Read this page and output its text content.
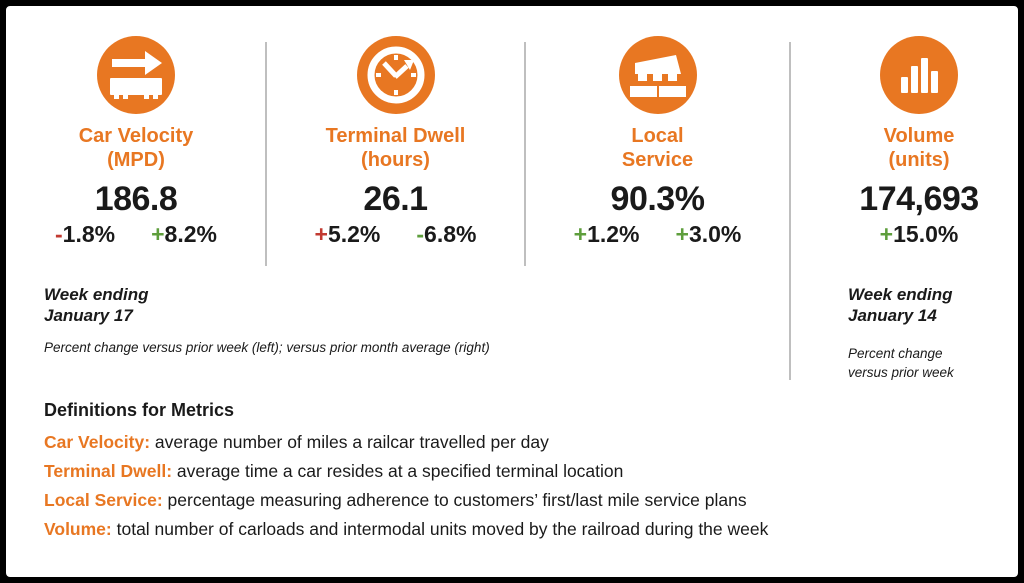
Car Velocity
(MPD)
186.8
-1.8% +8.2%
Terminal Dwell
(hours)
26.1
+5.2% -6.8%
Local
Service
90.3%
+1.2% +3.0%
Volume
(units)
174,693
+15.0%
Week ending
January 17
Percent change versus prior week (left); versus prior month average (right)
Week ending
January 14
Percent change
versus prior week
Definitions for Metrics
Car Velocity: average number of miles a railcar travelled per day
Terminal Dwell: average time a car resides at a specified terminal location
Local Service: percentage measuring adherence to customers’ first/last mile service plans
Volume: total number of carloads and intermodal units moved by the railroad during the week
